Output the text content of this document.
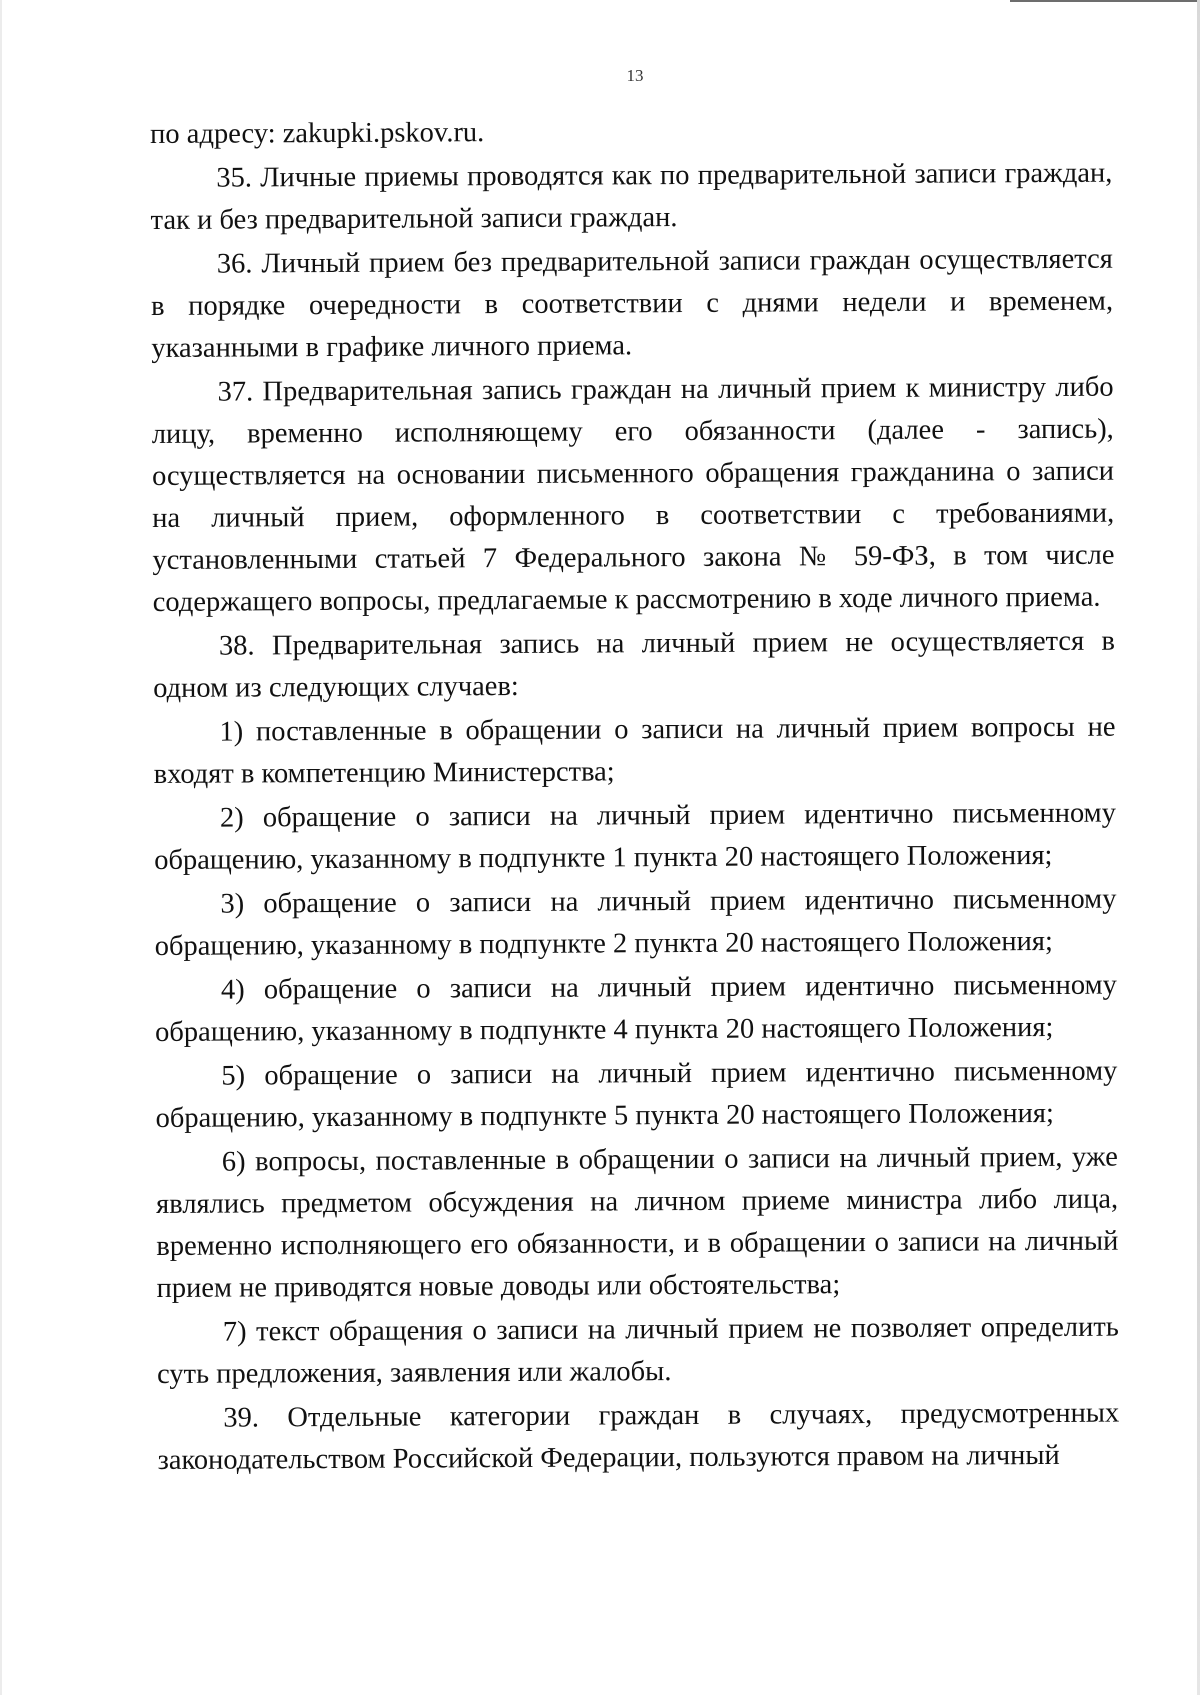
13

по адресу: zakupki.pskov.ru.

35. Личные приемы проводятся как по предварительной записи граждан, так и без предварительной записи граждан.

36. Личный прием без предварительной записи граждан осуществляется в порядке очередности в соответствии с днями недели и временем, указанными в графике личного приема.

37. Предварительная запись граждан на личный прием к министру либо лицу, временно исполняющему его обязанности (далее - запись), осуществляется на основании письменного обращения гражданина о записи на личный прием, оформленного в соответствии с требованиями, установленными статьей 7 Федерального закона № 59-ФЗ, в том числе содержащего вопросы, предлагаемые к рассмотрению в ходе личного приема.

38. Предварительная запись на личный прием не осуществляется в одном из следующих случаев:

1) поставленные в обращении о записи на личный прием вопросы не входят в компетенцию Министерства;

2) обращение о записи на личный прием идентично письменному обращению, указанному в подпункте 1 пункта 20 настоящего Положения;

3) обращение о записи на личный прием идентично письменному обращению, указанному в подпункте 2 пункта 20 настоящего Положения;

4) обращение о записи на личный прием идентично письменному обращению, указанному в подпункте 4 пункта 20 настоящего Положения;

5) обращение о записи на личный прием идентично письменному обращению, указанному в подпункте 5 пункта 20 настоящего Положения;

6) вопросы, поставленные в обращении о записи на личный прием, уже являлись предметом обсуждения на личном приеме министра либо лица, временно исполняющего его обязанности, и в обращении о записи на личный прием не приводятся новые доводы или обстоятельства;

7) текст обращения о записи на личный прием не позволяет определить суть предложения, заявления или жалобы.

39. Отдельные категории граждан в случаях, предусмотренных законодательством Российской Федерации, пользуются правом на личный
